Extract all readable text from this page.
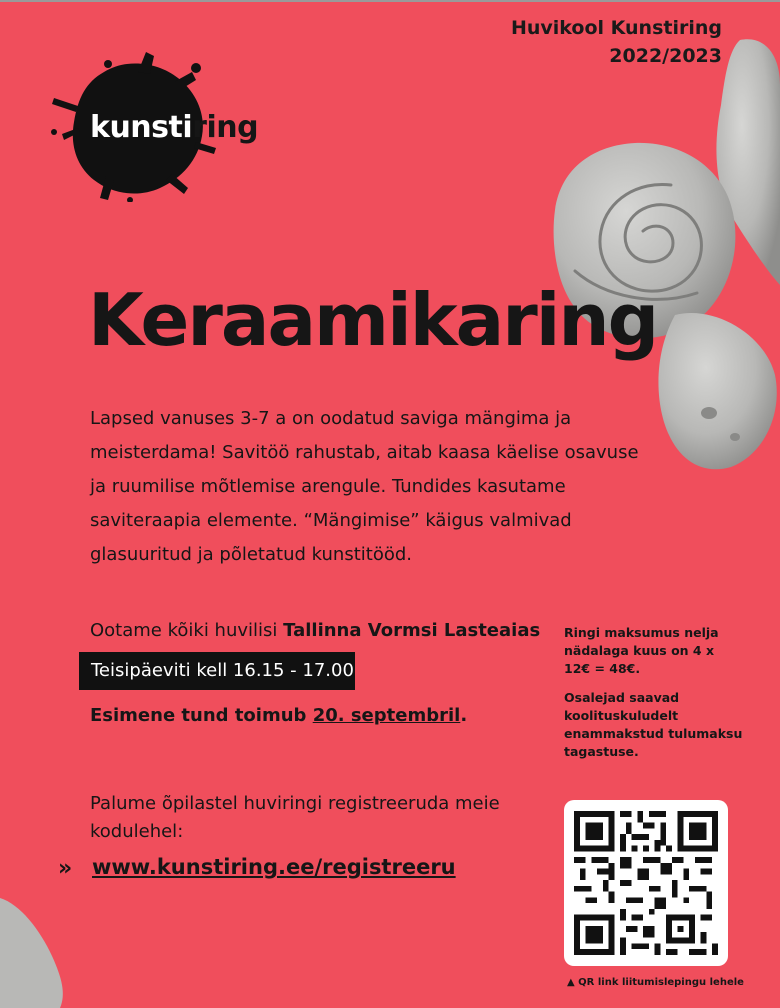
Huvikool Kunstiring
2022/2023
kunstiring
Keraamikaring

Lapsed vanuses 3-7 a on oodatud saviga mängima ja meisterdama! Savitöö rahustab, aitab kaasa käelise osavuse ja ruumilise mõtlemise arengule. Tundides kasutame saviteraapia elemente. “Mängimise” käigus valmivad glasuuritud ja põletatud kunstitööd.

Ootame kõiki huvilisi Tallinna Vormsi Lasteaias
Teisipäeviti kell 16.15 - 17.00
Esimene tund toimub 20. septembril.

Palume õpilastel huviringi registreeruda meie kodulehel:

» www.kunstiring.ee/registreeru

Ringi maksumus nelja nädalaga kuus on 4 x 12€ = 48€.

Osalejad saavad koolituskuludelt enammakstud tulumaksu tagastuse.

▲ QR link liitumislepingu lehele
